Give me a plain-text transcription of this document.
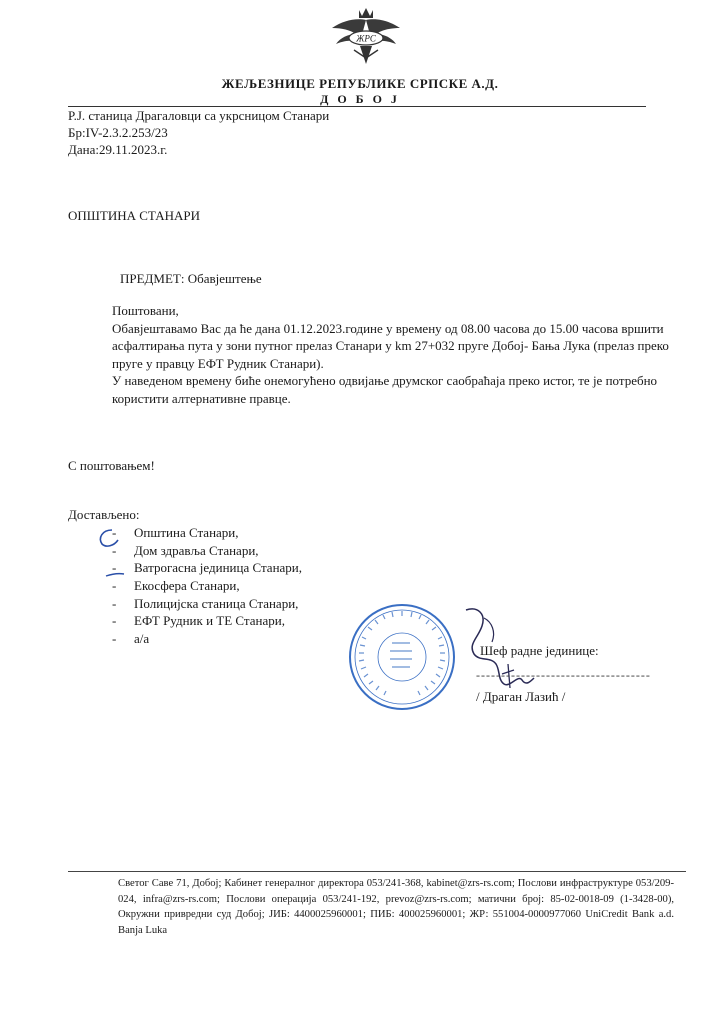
ЖРС
ЖЕЉЕЗНИЦЕ РЕПУБЛИКЕ СРПСКЕ А.Д.
Д О Б О Ј
Р.Ј. станица Драгаловци са укрсницом Станари
Бр:IV-2.3.2.253/23
Дана:29.11.2023.г.
ОПШТИНА СТАНАРИ
ПРЕДМЕТ: Обавјештење

Поштовани,

Обавјештавамо Вас да ће дана 01.12.2023.године у времену од 08.00 часова до 15.00 часова вршити асфалтирања пута у зони путног прелаз Станари у km 27+032 пруге Добој- Бања Лука (прелаз преко пруге у правцу ЕФТ Рудник Станари).

У наведеном времену биће онемогућено одвијање друмског саобраћаја преко истог, те је потребно користити алтернативне правце.

С поштовањем!
Достављено:
- Општина Станари,
- Дом здравља Станари,
- Ватрогасна јединица Станари,
- Екосфера Станари,
- Полицијска станица Станари,
- ЕФТ Рудник и ТЕ Станари,
- а/а
Шеф радне јединице:
-----------------------------------
/ Драган Лазић /
Светог Саве 71, Добој; Кабинет генералног директора 053/241-368, kabinet@zrs-rs.com; Послови инфраструктуре 053/209-024, infra@zrs-rs.com; Послови операција 053/241-192, prevoz@zrs-rs.com; матични број: 85-02-0018-09 (1-3428-00), Окружни привредни суд Добој; ЈИБ: 4400025960001; ПИБ: 400025960001; ЖР: 551004-0000977060 UniCredit Bank a.d. Banja Luka
